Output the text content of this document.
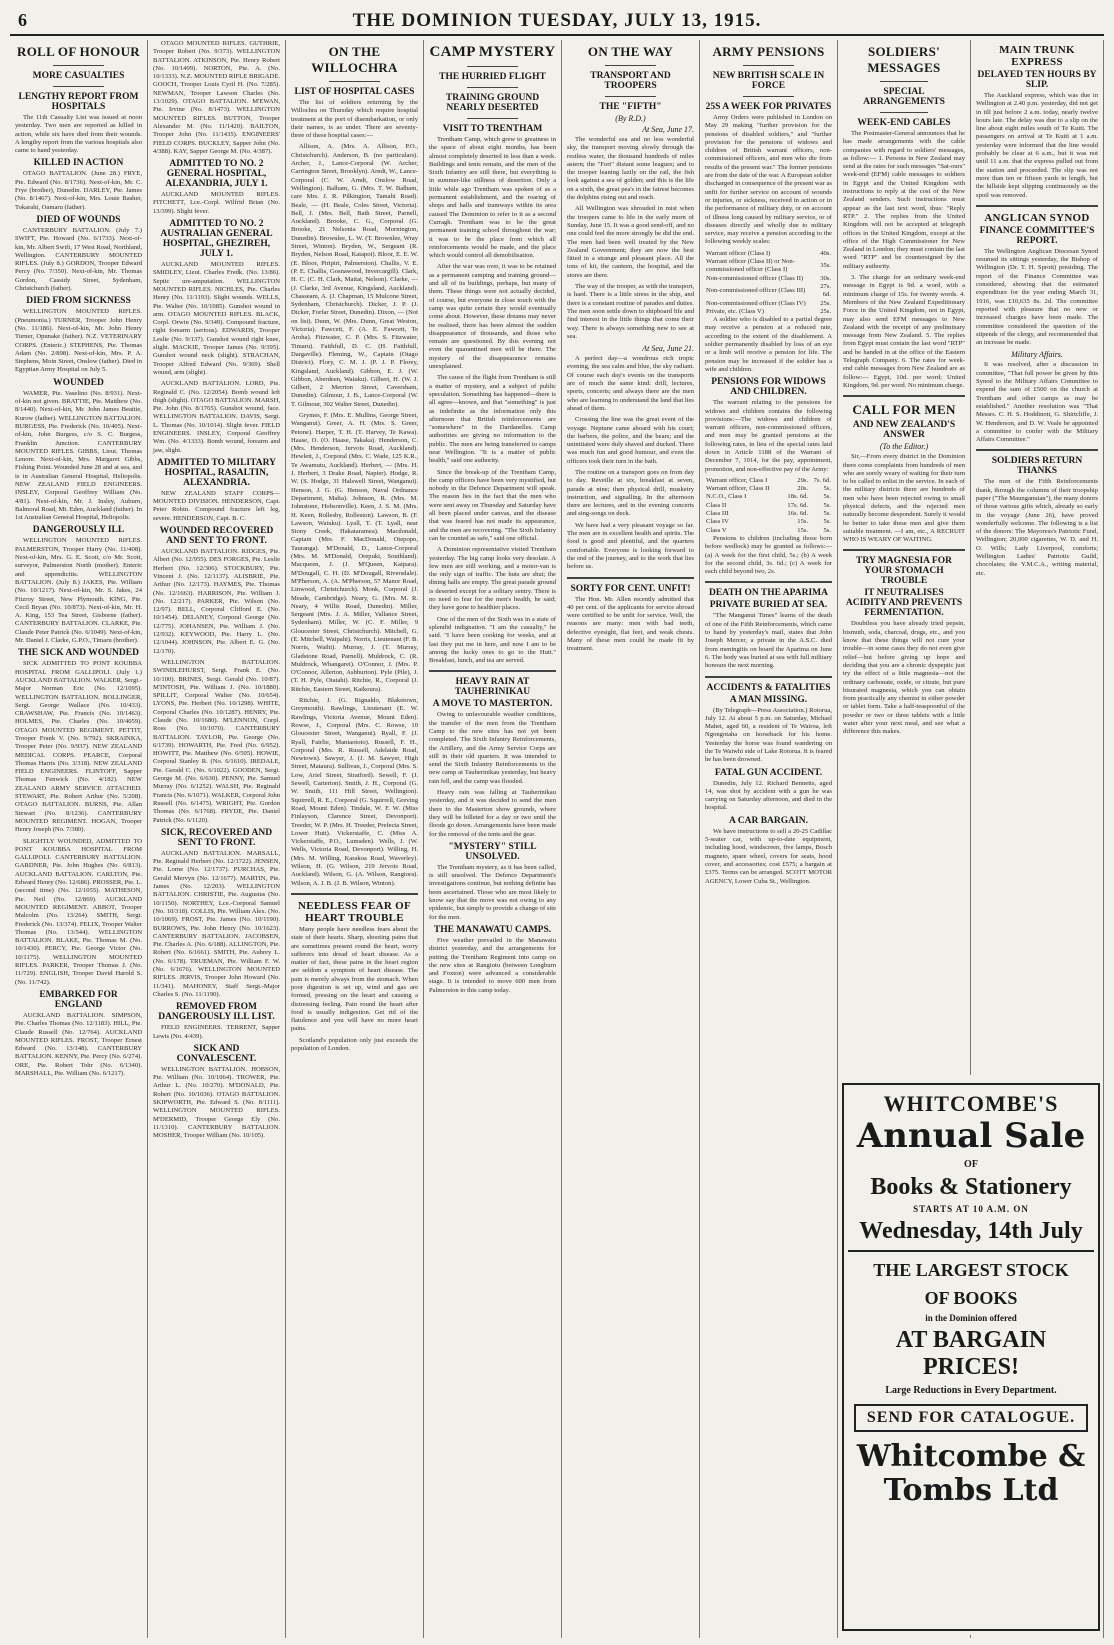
6	THE DOMINION TUESDAY, JULY 13, 1915.
ROLL OF HONOUR
MORE CASUALTIES
LENGTHY REPORT FROM HOSPITALS

The 11th Casualty List was issued at noon yesterday. Two men are reported as killed in action, while six have died from their wounds. A lengthy report from the various hospitals also came to hand yesterday.

KILLED IN ACTION

OTAGO BATTALION. (June 28.) FRYE, Pte. Edward (No. 8/1736). Next-of-kin, Mr. C. Frye (brother), Dunedin. DARLEY, Pte. James (No. 8/1467). Next-of-kin, Mrs. Louie Basher, Tokarahi, Oamaru (father).

DIED OF WOUNDS

CANTERBURY BATTALION. (July 7.) SWIFT, Pte. Howard (No. 6/1733). Next-of-kin, Mr. Albert Swift, 17 West Road, Northland, Wellington. CANTERBURY MOUNTED RIFLES. (July 8.) GORDON, Trooper Edward Percy (No. 7/350). Next-of-kin, Mr. Thomas Gordon, Cassidy Street, Sydenham, Christchurch (father).

DIED FROM SICKNESS

WELLINGTON MOUNTED RIFLES. (Pneumonia.) TURNER, Trooper John Henry (No. 11/186). Next-of-kin, Mr. John Henry Turner, Opunake (father). N.Z. VETERINARY CORPS. (Enteric.) STEPHENS, Pte. Thomas Adam (No. 2/898). Next-of-kin, Mrs. P. A. Stephens, Moin Street, Onslow (father). Died in Egyptian Army Hospital on July 5.

WOUNDED

WAMER, Pte. Vaselino (No. 8/931). Next-of-kin not given. BRATTIE, Pte. Matthew (No. 8/1440). Next-of-kin, Mr. John James Beattie, Kurow (father). WELLINGTON BATTALION. BURGESS, Pte. Frederick (No. 10/405). Next-of-kin, John Burgess, c/o S. C. Burgess, Franklin Junction. CANTERBURY MOUNTED RIFLES. GIBBS, Lieut. Thomas Lenore. Next-of-kin, Mrs. Margaret Gibbs, Fishing Point. Wounded June 28 and at sea, and is in Australian General Hospital, Heliopolis. NEW ZEALAND FIELD ENGINEERS. INSLEY, Corporal Geoffrey William (No. 4/81). Next-of-kin, Mr. J. Insley, Auburn, Balmoral Road, Mt. Eden, Auckland (father). In 1st Australian General Hospital, Heliopolis.

DANGEROUSLY ILL

WELLINGTON MOUNTED RIFLES. PALMERSTON, Trooper Harry (No. 11/408). Next-of-kin, Mrs. G. E. Scott, c/o Mr. Scott, surveyor, Palmerston North (mother). Enteric and appendicitis. WELLINGTON BATTALION. (July 8.) JAKES, Pte. William (No. 10/1217). Next-of-kin, Mr. S. Jakes, 24 Fitzroy Street, New Plymouth. KING, Pte. Cecil Bryan (No. 10/873). Next-of-kin, Mr. H. A. King, 153 Tea Street, Gisborne (father). CANTERBURY BATTALION. CLARKE, Pte. Claude Peter Patrick (No. 6/1049). Next-of-kin, Mr. Daniel J. Clarke, G.P.O., Timaru (brother).

THE SICK AND WOUNDED

SICK ADMITTED TO PONT KOUBBA HOSPITAL FROM GALLIPOLI. (July 1.) AUCKLAND BATTALION. WALKER, Sergt.-Major Norman Eric (No. 12/1095). WELLINGTON BATTALION. BOLLINGER, Sergt. George Wallace (No. 10/433). CRAWSHAW, Pte. Francis (No. 10/1463). HOLMES, Pte. Charles (No. 10/4059). OTAGO MOUNTED REGIMENT. PETTIT, Trooper Frank V. (No. 9/792). SKRAINKA, Trooper Peter (No. 9/937). NEW ZEALAND MEDICAL CORPS. PEARCE, Corporal Thomas Harris (No. 3/318). NEW ZEALAND FIELD ENGINEERS. FLINTOFF, Sapper Thomas Fenwick (No. 4/182). NEW ZEALAND ARMY SERVICE ATTACHED. STEWART, Pte. Robert Arthur (No. 5/208). OTAGO BATTALION. BURNS, Pte. Allan Stewart (No. 8/1236). CANTERBURY MOUNTED REGIMENT. HOGAN, Trooper Henry Joseph (No. 7/380).

SLIGHTLY WOUNDED, ADMITTED TO PONT KOUBBA HOSPITAL FROM GALLIPOLI. CANTERBURY BATTALION. GARDNER, Pte. John Hughes (No. 6/813). AUCKLAND BATTALION. CARLTON, Pte. Edward Henry (No. 12/686). PROSSER, Pte. L. (second time) (No. 12/1055). MATHESON, Pte. Neil (No. 12/869). AUCKLAND MOUNTED REGIMENT. ABBOT, Trooper Malcolm (No. 13/264). SMITH, Sergt. Frederick (No. 13/374). FELIX, Trooper Walter Thomas (No. 13/544). WELLINGTON BATTALION. BLAKE, Pte. Thomas M. (No. 10/1430). PERCY, Pte. George Victor (No. 10/1175). WELLINGTON MOUNTED RIFLES. PARKER, Trooper Thomas J. (No. 11/729). ENGLISH, Trooper David Harold S. (No. 11/742).

EMBARKED FOR ENGLAND

AUCKLAND BATTALION. SIMPSON, Pte. Charles Thomas (No. 12/1183). HILL, Pte. Claude Russell (No. 12/764). AUCKLAND MOUNTED RIFLES. FROST, Trooper Ernest Edward (No. 13/148). CANTERBURY BATTALION. KENNY, Pte. Percy (No. 6/274). ORE, Pte. Robert Tohr (No. 6/1340). MARSHALL, Pte. William (No. 6/1217).

OTAGO MOUNTED RIFLES. GUTHRIE, Trooper Robert (No. 9/373). WELLINGTON BATTALION. ATKINSON, Pte. Henry Robert (No. 10/1499). NORTON, Pte. A. (No. 10/1333). N.Z. MOUNTED RIFLE BRIGADE. GOOCH, Trooper Louis Cyril H. (No. 7/285). NEWMAN, Trooper Lawson Charles (No. 13/1029). OTAGO BATTALION. M'EWAN, Pte. Irvine (No. 8/1473). WELLINGTON MOUNTED RIFLES. BUTTON, Trooper Alexander M. (No. 11/1420). BAILTON, Trooper John (No. 11/1435). ENGINEERS' FIELD CORPS. BUCKLEY, Sapper John (No. 4/388). KAY, Sapper George M. (No. 4/387).

ADMITTED TO NO. 2 GENERAL HOSPITAL, ALEXANDRIA, JULY 1.

AUCKLAND MOUNTED RIFLES. FITCHETT, Lce.-Corpl. Wilfrid Brian (No. 13/399). Slight fever.

ADMITTED TO NO. 2 AUSTRALIAN GENERAL HOSPITAL, GHEZIREH, JULY 1.

AUCKLAND MOUNTED RIFLES. SMIDLEY, Lieut. Charles Fredk. (No. 13/86). Septic ure-amputation. WELLINGTON MOUNTED RIFLES. NICHLES, Pte. Charles Henry (No. 11/1193). Slight wounds. WELLS, Pte. Walter (No. 10/1085). Gunshot wound in arm. OTAGO MOUNTED RIFLES. BLACK, Corpl. Orwin (No. 9/349). Compound fracture, right forearm (serious). EDWARDS, Trooper Leslie (No. 9/137). Gunshot wound right knee, slight. MACKIE, Trooper James (No. 9/395). Gunshot wound neck (slight). STRACHAN, Trooper Alfred Edward (No. 9/369). Shell wound, arm (slight).

AUCKLAND BATTALION. LORD, Pte. Reginald C. (No. 12/2054). Bomb wound left thigh (slight). OTAGO BATTALION. MARSH, Pte. John (No. 8/1765). Gunshot wound, face. WELLINGTON BATTALION. DAVIS, Sergt. L. Thomas (No. 10/1014). Slight fever. FIELD ENGINEERS. INSLEY, Corporal Geoffrey Wm. (No. 4/1333). Bomb wound, forearm and jaw, slight.

ADMITTED TO MILITARY HOSPITAL, RASALTIN, ALEXANDRIA.

NEW ZEALAND STAFF CORPS—MOUNTED DIVISION. HENDERSON, Capt. Peter Robin. Compound fracture left leg, severe. HENDERSON, Capt. B. C.

WOUNDED RECOVERED AND SENT TO FRONT.

AUCKLAND BATTALION. RIDGES, Pte. Albert (No. 12/955). DES FORGES, Pte. Leslie Herbert (No. 12/306). STOCKBURY, Pte. Vincent J. (No. 12/1137). ALISBRIE, Pte. Arthur (No. 12/173). HAYMES, Pte. Thomas (No. 12/1663). HARRISON, Pte. William J. (No. 12/217). PARKER, Pte. Wilson (No. 12/97). BELL, Corporal Clifford E. (No. 10/1454). DELANEY, Corporal George (No. 12/775). JOHANSEN, Pte. William J. (No. 12/932). KEYWOOD, Pte. Harry L. (No. 12/1044). JOHNSON, Pte. Albert E. G. (No. 12/170).

WELLINGTON BATTALION. SWINDLEHURST, Sergt. Frank E. (No. 10/100). BRINES, Sergt. Gerald (No. 10/87). M'INTOSH, Pte. William J. (No. 10/1880). SPILLIT, Corporal Walter (No. 10/654). LYONS, Pte. Herbert (No. 10/1298). WHITE, Corporal Charles (No. 10/1287). HENRY, Pte. Claude (No. 10/1680). M'LENNON, Corpl. Ross (No. 10/1070). CANTERBURY BATTALION. TAYLOR, Pte. George (No. 6/1739). HOWARTH, Pte. Fred (No. 6/952). HOWITT, Pte. Matthew (No. 6/505). HOWIE, Corporal Stanley R. (No. 6/1610). IREDALE, Pte. Gerald C. (No. 6/1022). GOODEN, Sergt. George M. (No. 6/630). PENNY, Pte. Samuel Murray (No. 6/1252). WALSH, Pte. Reginald Francis (No. 6/1071). WALKER, Corporal John Russell (No. 6/1475). WRIGHT, Pte. Gordon Thomas (No. 6/1768). FRYDE, Pte. Daniel Patrick (No. 6/1120).

SICK, RECOVERED AND SENT TO FRONT.

AUCKLAND BATTALION. MARSALL, Pte. Reginald Herbert (No. 12/1722). JENSEN, Pte. Lorne (No. 12/1737). PURCHAS, Pte. Gerald Mervyn (No. 12/1677). MARTIN, Pte. James (No. 12/203). WELLINGTON BATTALION. CHRISTIE, Pte. Augustus (No. 10/1150). NORTHEY, Lce.-Corporal Samuel (No. 10/318). COLLIS, Pte. William Alex. (No. 10/1069). FROST, Pte. James (No. 10/1190). BURROWS, Pte. John Henry (No. 10/1623). CANTERBURY BATTALION. JACOBSEN, Pte. Charles A. (No. 6/188). ALLINGTON, Pte. Robert (No. 6/1661). SMITH, Pte. Aubrey L. (No. 6/178). TRUEMAN, Pte. William F. W. (No. 6/1676). WELLINGTON MOUNTED RIFLES. JERVIS, Trooper John Howard (No. 11/341). MAHONEY, Staff Sergt.-Major Charles S. (No. 11/1190).

REMOVED FROM DANGEROUSLY ILL LIST.

FIELD ENGINEERS. TERRENT, Sapper Lewis (No. 4/439).

SICK AND CONVALESCENT.

WELLINGTON BATTALION. HOBSON, Pte. William (No. 10/1064). TROWER, Pte. Arthur L. (No. 10/270). M'DONALD, Pte. Robert (No. 10/1036). OTAGO BATTALION. SKIPWORTH, Pte. Edward S. (No. 8/1111). WELLINGTON MOUNTED RIFLES. M'DERMID, Trooper George Ely (No. 11/1310). CANTERBURY BATTALION. MOSHER, Trooper William (No. 10/105).

ON THE WILLOCHRA
LIST OF HOSPITAL CASES

The list of soldiers returning by the Willochra on Thursday which require hospital treatment at the port of disembarkation, or only their names, is as under. There are seventy-three of these hospital cases:—

Allison, A. (Mrs. A. Allison, P.O., Christchurch). Anderson, B. (no particulars). Archer, J., Lance-Corporal (W. Archer, Carrington Street, Brooklyn). Arndt, W., Lance-Corporal (C. W. Arndt, Onslow Road, Wellington). Balham, G. (Mrs. T. W. Balham, care Mrs. J. R. Pilkington, Tamahi Road). Beale, — (H. Beale, Coles Street, Victoria). Bell, J. (Mrs. Bell, Bath Street, Parnell, Auckland). Brooke, C. G., Corporal (G. Brooke, 21 Nelsonia Road, Mornington, Dunedin). Brownlee, L. W. (T. Brownlee, Wray Street, Winton). Bryden, W., Sergeant (R. Bryden, Nelson Road, Kaiapoi). Bloor, E. E. W. (E. Bloor, Piripiri, Palmerston). Challis, V. E. (P. E. Challis, Gosnawood, Invercargill). Clark, H. C. (C. H. Clark, Maitai, Nelson). Clarke, — (J. Clarke, 3rd Avenue, Kingsland, Auckland). Chasseam, A. (J. Chapman, 15 Mulcone Street, Sydenham, Christchurch). Dicker, J. P. (J. Dicker, Forfar Street, Dunedin). Dixon, — (Not on list). Dunn, W. (Mrs. Dunn, Great Weston, Victoria). Fawcett, F. (A. E. Fawcett, Te Aroha). Fitzwater, C. P. (Mrs. S. Fitzwater, Timaru). Faithfull, D. C. (H. Faithfull, Dargaville). Fleming, W., Captain (Otago District). Flory, C. M. J. (P. J. P. Florey, Kingsland, Auckland). Gibbon, E. J. (W. Gibbon, Aberdeen, Waiuku). Gilbert, H. (W. J. Gilbert, 2 Merrion Street, Caversham, Dunedin). Gilmour, J. B., Lance-Corporal (W. T. Gilmour, 302 Walter Street, Dunedin).

Grymes, F. (Mrs. E. Mullins, George Street, Wanganui). Greer, A. H. (Mrs. S. Greer, Petone). Harper, T. H. (T. Harvey, Te Kawa). Haase, O. (O. Haase, Takaka). Henderson, C. (Mrs. Henderson, Jervois Road, Auckland). Hewlett, J., Corporal (Mrs. C. Wade, 125 K.R., Te Awamutu, Auckland). Herbert, — (Mrs. H. J. Herbert, 3 Drake Road, Napier). Hodge, R. W. (S. Hodge, 31 Halswell Street, Wanganui). Henson, J. G. (G. Henson, Naval Ordnance Department, Malta). Johnson, R. (Mrs. M. Johnstone, Hobsonville). Keen, J. S. M. (Mrs. H. Keen, Rollesby, Rolleston). Lawson, B. (F. Lawson, Waiuku). Lyall, T. (T. Lyall, near Stony Creek, Hakataramea). Macdonald, Captain (Mrs. F. MacDonald, Otepopo, Tauranga). M'Donald, D., Lance-Corporal (Mrs. M. M'Donald, Orepuki, Southland). Macqueen, J. (J. M'Queen, Kaipara). M'Dougall, C. H. (D. M'Dougall, Riversdale). M'Pherson, A. (A. M'Pherson, 57 Manor Road, Linwood, Christchurch). Monk, Corporal (J. Meade, Cambridge). Neary, G. (Mrs. M. R. Neary, 4 Willis Road, Dunedin). Miller, Sergeant (Mrs. J. A. Miller, Vallance Street, Sydenham). Miller, W. (C. F. Miller, 9 Gloucester Street, Christchurch). Mitchell, G. (E. Mitchell, Waipahi). Norris, Lieutenant (F. B. Norris, Waihi). Murray, J. (T. Murray, Gladstone Road, Parnell). Muldrock, C. (R. Muldrock, Whangarei). O'Connor, J. (Mrs. P. O'Connor, Allerton, Ashburton). Pyle (Pile), J. (T. H. Pyle, Otatahi). Ritchie, R., Corporal (J. Ritchie, Eastern Street, Kaikoura).

Ritchie, J. (G. Rignaldo, Blaketown, Greymouth). Rawlings, Lieutenant (E. W. Rawlings, Victoria Avenue, Mount Eden). Rowse, J., Corporal (Mrs. C. Rowse, 10 Gloucester Street, Wanganui). Ryall, F. (J. Ryall, Fairlie, Maniaototo). Russell, F. H., Corporal (Mrs. R. Russell, Adelaide Road, Newtown). Sawyer, J. (J. M. Sawyer, High Street, Mataura). Sullivan, J., Corporal (Mrs. S. Low, Ariel Street, Stratford). Sewell, F. (J. Sewell, Carterton). Smith, J. H., Corporal (G. W. Smith, 111 Hill Street, Wellington). Squirrell, R. E., Corporal (G. Squirrell, Greving Road, Mount Eden). Tindale, W. F. W. (Miss Finlayson, Clarence Street, Devonport). Treeder, W. P. (Mrs. H. Treeder, Prefecta Street, Lower Hutt). Vickerstaffe, C. (Miss A. Vickerstaffe, P.O., Lumsden). Wells, J. (W. Wells, Victoria Road, Devonport). Willing, H. (Mrs. M. Willing, Karakoa Road, Waverley). Wilson, H. (G. Wilson, 219 Jervois Road, Auckland). Wilson, G. (A. Wilson, Rangiora). Wilson, A. J. B. (J. B. Wilson, Winton).

NEEDLESS FEAR OF HEART TROUBLE

Many people have needless fears about the state of their hearts. Sharp, shooting pains that are sometimes present round the heart, worry sufferers into dread of heart disease. As a matter of fact, these pains in the heart region are seldom a symptom of heart disease. The pain is merely always from the stomach. When poor digestion is set up, wind and gas are formed, pressing on the heart and causing a distressing feeling. Pain round the heart after food is usually indigestion. Get rid of the flatulence and you will have no more heart pains.

Scotland's population only just exceeds the population of London.

CAMP MYSTERY
THE HURRIED FLIGHT
TRAINING GROUND NEARLY DESERTED
VISIT TO TRENTHAM

Trentham Camp, which grew to greatness in the space of about eight months, has been almost completely deserted in less than a week. Buildings and tents remain, and the men of the Sixth Infantry are still there, but everything is in summer-like stillness of desertion. Only a little while ago Trentham was spoken of as a permanent establishment, and the roaring of shops and halls and tramways within its area caused The Dominion to refer to it as a second Curragh. Trentham was to be the great permanent training school throughout the war; it was to be the place from which all reinforcements would be made, and the place which would control all demobilisation.

After the war was over, it was to be retained as a permanent camping and training ground—and all of its buildings, perhaps, but many of them. These things were not actually decided, of course, but everyone in close touch with the camp was quite certain they would eventually come about. However, these dreams may never be realised, there has been almost the sudden disappearance of thousands, and those who remain are questioned. By this evening not even the quarantined men will be there. The mystery of the disappearance remains unexplained.

The cause of the flight from Trentham is still a matter of mystery, and a subject of public speculation. Something has happened—there is all agree—known, and that "something" is just as indefinite as the information only this afternoon that British reinforcements are "somewhere" in the Dardanelles. Camp authorities are giving no information to the public. The men are being transferred to camps near Wellington. "It is a matter of public health," said one authority.

Since the break-up of the Trentham Camp, the camp officers have been very mystified, but nobody in the Defence Department will speak. The reason lies in the fact that the men who were sent away on Thursday and Saturday have all been placed under canvas, and the disease that was feared has not made its appearance, and the men are recovering. "The Sixth Infantry can be counted as safe," said one official.

A Dominion representative visited Trentham yesterday. The big camp looks very desolate. A few men are still working, and a motor-van is the only sign of traffic. The huts are shut; the dining halls are empty. The great parade ground is deserted except for a solitary sentry. There is no need to fear for the men's health, he said; they have gone to healthier places.

One of the men of the Sixth was in a state of splendid indignation. "I am the casualty," he said. "I have been cooking for weeks, and at last they put me in here, and now I am to be among the lucky ones to go to the Hutt." Breakfast, lunch, and tea are served.

HEAVY RAIN AT TAUHERINIKAU
A MOVE TO MASTERTON.

Owing to unfavourable weather conditions, the transfer of the men from the Trentham Camp to the new sites has not yet been completed. The Sixth Infantry Reinforcements, the Artillery, and the Army Service Corps are still in their old quarters. It was intended to send the Sixth Infantry Reinforcements to the new camp at Tauherinikau yesterday, but heavy rain fell, and the camp was flooded.

Heavy rain was falling at Tauherinikau yesterday, and it was decided to send the men there to the Masterton show grounds, where they will be billeted for a day or two until the floods go down. Arrangements have been made for the removal of the tents and the gear.

"MYSTERY" STILL UNSOLVED.

The Trentham mystery, as it has been called, is still unsolved. The Defence Department's investigations continue, but nothing definite has been ascertained. Those who are most likely to know say that the move was not owing to any epidemic, but simply to provide a change of site for the men.

THE MANAWATU CAMPS.

Five weather prevailed in the Manawatu district yesterday, and the arrangements for putting the Trentham Regiment into camp on the new sites at Rangiotu (between Longburn and Foxton) were advanced a considerable stage. It is intended to move 600 men from Palmerston to this camp today.

ON THE WAY
TRANSPORT AND TROOPERS
THE "FIFTH"
(By R.D.)
At Sea, June 17.

The wonderful sea and no less wonderful sky, the transport moving slowly through the restless water, the thousand hundreds of miles astern; the "Fort" distant some leagues; and to the trooper leaning lazily on the rail, the fish look against a sea of golden; and this is the life on a sixth, the great pea's in the fairest becomes the dolphins rising out and reach.

All Wellington was shrouded in mist when the troopers came to life in the early morn of Sunday, June 15. It was a good send-off, and no one could feel the more strongly he did the end. The men had been well treated by the New Zealand Government; they are now the best fitted in a strange and pleasant place. All the tons of kit, the canteen, the hospital, and the stores are there.

The way of the trooper, as with the transport, is hard. There is a little stress in the ship, and there is a constant routine of parades and duties. The men soon settle down to shipboard life and find interest in the little things that come their way. There is always something new to see at sea.

At Sea, June 21.

A perfect day—a wondrous rich tropic evening, the sea calm and blue, the sky radiant. Of course each day's events on the transports are of much the same kind: drill, lectures, sports, concerts; and always there are the men who are learning to understand the land that lies ahead of them.

Crossing the line was the great event of the voyage. Neptune came aboard with his court; the barbers, the police, and the bears; and the uninitiated were duly shaved and ducked. There was much fun and good humour, and even the officers took their turn in the bath.

The routine on a transport goes on from day to day. Reveille at six, breakfast at seven, parade at nine; then physical drill, musketry instruction, and signalling. In the afternoon there are lectures, and in the evening concerts and sing-songs on deck.

We have had a very pleasant voyage so far. The men are in excellent health and spirits. The food is good and plentiful, and the quarters comfortable. Everyone is looking forward to the end of the journey, and to the work that lies before us.

SORTY FOR CENT. UNFIT!

The Hon. Mr. Allen recently admitted that 40 per cent. of the applicants for service abroad were certified to be unfit for service. Well, the reasons are many: men with bad teeth, defective eyesight, flat feet, and weak chests. Many of these men could be made fit by treatment.

ARMY PENSIONS
NEW BRITISH SCALE IN FORCE
25S A WEEK FOR PRIVATES

Army Orders were published in London on May 29 making "further provision for the pensions of disabled soldiers," and "further provision for the pensions of widows and children of British warrant officers, non-commissioned officers, and men who die from results of the present war." The former pensions are from the date of the war. A European soldier discharged in consequence of the present war as unfit for further service on account of wounds or injuries, or sickness, received in action or in the performance of military duty, or on account of illness long caused by military service, or of diseases directly and wholly due to military service, may receive a pension according to the following weekly scales:

Warrant officer (Class I)	40s.
Warrant officer (Class II) or Non-commissioned officer (Class I)	35s.
Non-commissioned officer (Class II)	30s.
Non-commissioned officer (Class III)	27s. 6d.
Non-commissioned officer (Class IV)	25s.
Private, etc. (Class V)	25s.

A soldier who is disabled to a partial degree may receive a pension at a reduced rate, according to the extent of the disablement. A soldier permanently disabled by loss of an eye or a limb will receive a pension for life. The pension may be increased if the soldier has a wife and children.

PENSIONS FOR WIDOWS AND CHILDREN.

The warrant relating to the pensions for widows and children contains the following provisions:—The widows and children of warrant officers, non-commissioned officers, and men may be granted pensions at the following rates, in lieu of the special rates laid down in Article 1188 of the Warrant of December 7, 1914, for the pay, appointment, promotion, and non-effective pay of the Army:

Warrant officer, Class I	29s.	7s. 6d.
Warrant officer, Class II	20s.	5s.
N.C.O., Class I	18s. 6d.	5s.
Class II	17s. 6d.	5s.
Class III	16s. 6d.	5s.
Class IV	15s.	5s.
Class V	15s.	5s.

Pensions to children (including those born before wedlock) may be granted as follows:—(a) A week for the first child, 5s.; (b) A week for the second child, 3s. 6d.; (c) A week for each child beyond two, 2s.

DEATH ON THE APARIMA
PRIVATE BURIED AT SEA.

"The Manganui Times" learns of the death of one of the Fifth Reinforcements, which came to hand by yesterday's mail, states that John Joseph Mercer, a private in the A.S.C. died from meningitis on board the Aparima on June 6. The body was buried at sea with full military honours the next morning.

ACCIDENTS & FATALITIES
A MAN MISSING.

(By Telegraph—Press Association.) Rotorua, July 12. At about 5 p.m. on Saturday, Michael Mahet, aged 60, a resident of Te Wairoa, left Ngongotaha on horseback for his home. Yesterday the horse was found wandering on the Te Waiwhi side of Lake Rotorua. It is feared he has been drowned.

FATAL GUN ACCIDENT.

Dunedin, July 12. Richard Bennetts, aged 14, was shot by accident with a gun he was carrying on Saturday afternoon, and died in the hospital.

A CAR BARGAIN.

We have instructions to sell a 20-25 Cadillac 5-seater car, with up-to-date equipment, including hood, windscreen, five lamps, Bosch magneto, spare wheel, covers for seats, hood cover, and accessories; cost £575; a bargain at £375. Terms can be arranged. SCOTT MOTOR AGENCY, Lower Cuba St., Wellington.

SOLDIERS' MESSAGES
SPECIAL ARRANGEMENTS
WEEK-END CABLES

The Postmaster-General announces that he has made arrangements with the cable companies with regard to soldiers' messages, as follow:— 1. Persons in New Zealand may send at the rates for such messages "Sat-ours" week-end (EFM) cable messages to soldiers in Egypt and the United Kingdom with instructions to reply at the cost of the New Zealand senders. Such instructions must appear as the last text word, thus: "Reply RTP." 2. The replies from the United Kingdom will not be accepted at telegraph offices in the United Kingdom, except at the office of the High Commissioner for New Zealand in London; they must contain the last word "RTP" and be countersigned by the military authority.

3. The charge for an ordinary week-end message in Egypt is 9d. a word, with a minimum charge of 15s. for twenty words. 4. Members of the New Zealand Expeditionary Force in the United Kingdom, not in Egypt, may also send EFM messages to New Zealand with the receipt of any preliminary message from New Zealand. 5. The replies from Egypt must contain the last word "RTP" and be handed in at the office of the Eastern Telegraph Company. 6. The rates for week-end cable messages from New Zealand are as follow:— Egypt, 10d. per word; United Kingdom, 9d. per word. No minimum charge.

CALL FOR MEN
AND NEW ZEALAND'S ANSWER
(To the Editor.)

Sir,—From every district in the Dominion there come complaints from hundreds of men who are sorely weary of waiting for their turn to be called to enlist in the service. In each of the military districts there are hundreds of men who have been rejected owing to small physical defects, and the rejected men naturally become despondent. Surely it would be better to take these men and give them suitable treatment. —I am, etc., A RECRUIT WHO IS WEARY OF WAITING.

TRY MAGNESIA FOR YOUR STOMACH TROUBLE
IT NEUTRALISES ACIDITY AND PREVENTS FERMENTATION.

Doubtless you have already tried pepsin, bismuth, soda, charcoal, drugs, etc., and you know that these things will not cure your trouble—in some cases they do not even give relief—but before giving up hope and deciding that you are a chronic dyspeptic just try the effect of a little magnesia—not the ordinary carbonate, oxide, or citrate, but pure bisurated magnesia, which you can obtain from practically any chemist in either powder or tablet form. Take a half-teaspoonful of the powder or two or three tablets with a little water after your next meal, and see what a difference this makes.

MAIN TRUNK EXPRESS
DELAYED TEN HOURS BY SLIP.

The Auckland express, which was due in Wellington at 2.40 p.m. yesterday, did not get in till just before 2 a.m. today, nearly twelve hours late. The delay was due to a slip on the line about eight miles south of Te Kuiti. The passengers on arrival at Te Kuiti at 1 a.m. yesterday were informed that the line would probably be clear at 6 a.m., but it was not until 11 a.m. that the express pulled out from the station and proceeded. The slip was not more than ten or fifteen yards in length, but the hillside kept slipping continuously as the spoil was removed.

ANGLICAN SYNOD
FINANCE COMMITTEE'S REPORT.

The Wellington Anglican Diocesan Synod resumed its sittings yesterday, the Bishop of Wellington (Dr. T. H. Sprott) presiding. The report of the Finance Committee was considered, showing that the estimated expenditure for the year ending March 31, 1916, was £10,635 8s. 2d. The committee reported with pleasure that no new or increased charges have been made. The committee considered the question of the stipends of the clergy, and recommended that an increase be made.

Military Affairs.

It was resolved, after a discussion in committee, "That full power be given by this Synod to the Military Affairs Committee to expend the sum of £500 on the church at Trentham and other camps as may be established." Another resolution was "That Messrs. C. H. S. Hoddinott, G. Shirtcliffe, J. W. Henderson, and D. W. Veale be appointed a committee to confer with the Military Affairs Committee."

SOLDIERS RETURN THANKS

The men of the Fifth Reinforcements thank, through the columns of their troopship paper ("The Maunganuian"), the many donors of those various gifts which, already so early in the voyage (June 26), have proved wonderfully welcome. The following is a list of the donors: The Mayoress's Patriotic Fund, Wellington; 20,000 cigarettes, W. D. and H. O. Wills; Lady Liverpool, comforts; Wellington Ladies' Patriotic Guild, chocolates; the Y.M.C.A., writing material, etc.

WHITCOMBE'S
Annual Sale
OF
Books & Stationery
STARTS AT 10 A.M. ON
Wednesday, 14th July
THE LARGEST STOCK
OF BOOKS
in the Dominion offered
AT BARGAIN PRICES!
Large Reductions in Every Department.
SEND FOR CATALOGUE.
Whitcombe & Tombs Ltd
